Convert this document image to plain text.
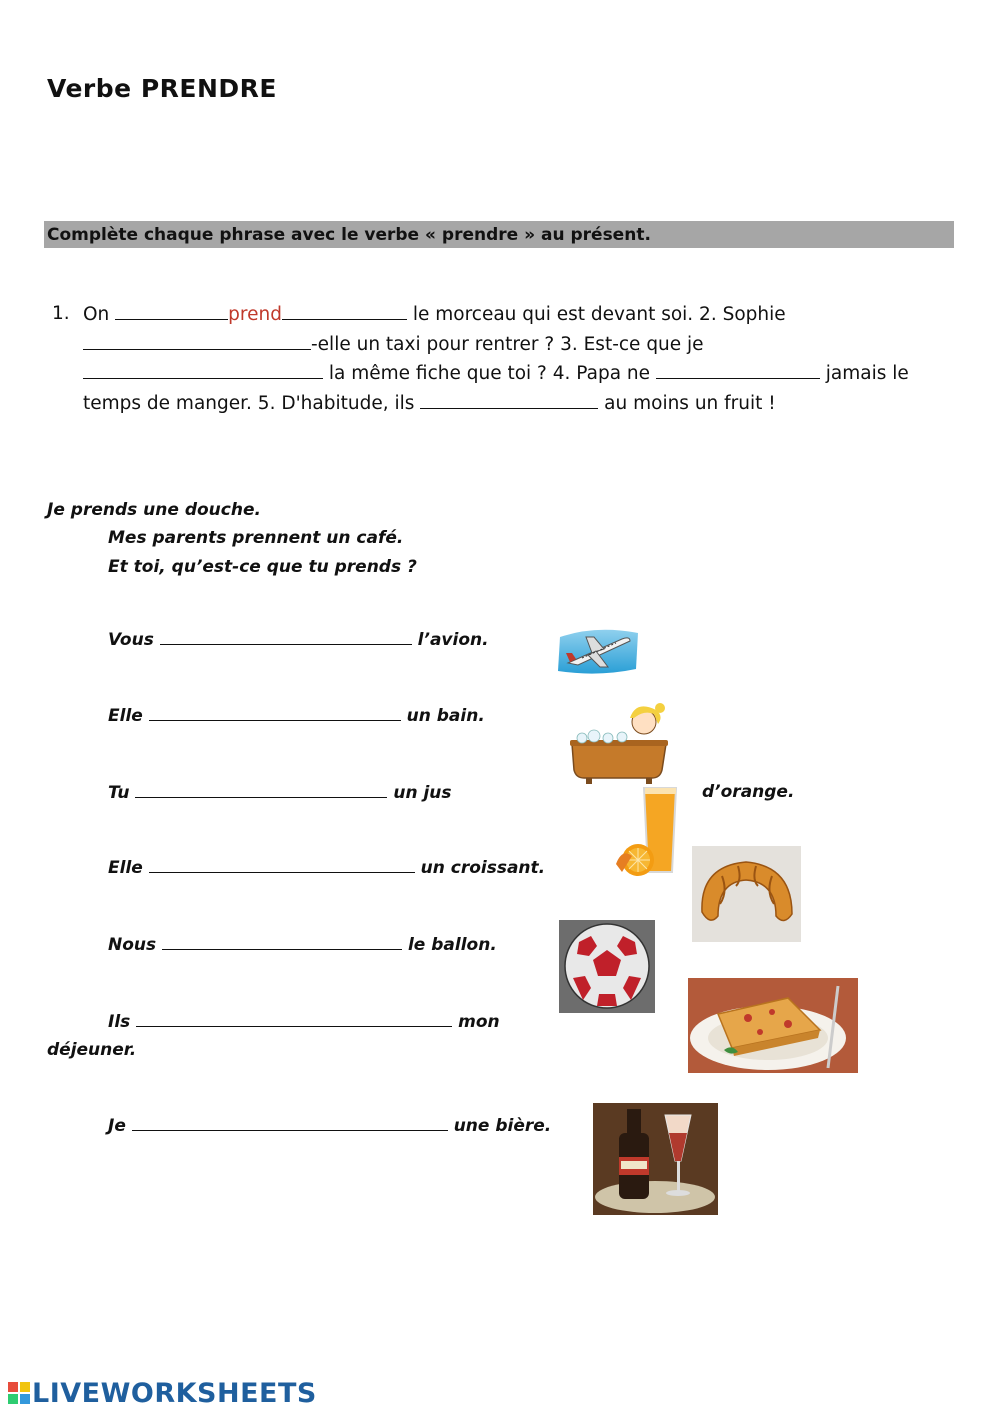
Verbe PRENDRE
Complète chaque phrase avec le verbe « prendre » au présent.
1. On	prend	le morceau qui est devant soi. 2. Sophie
-elle un taxi pour rentrer ? 3. Est-ce que je
la même fiche que toi ? 4. Papa ne	jamais le
temps de manger. 5. D'habitude, ils	au moins un fruit !
Je prends une douche.
Mes parents prennent un café.
Et toi, qu’est-ce que tu prends ?
Vous	l’avion.
Elle	un bain.
Tu	un jus	d’orange.
Elle	un croissant.
Nous	le ballon.
Ils	mon
déjeuner.
Je	une bière.
LIVEWORKSHEETS
